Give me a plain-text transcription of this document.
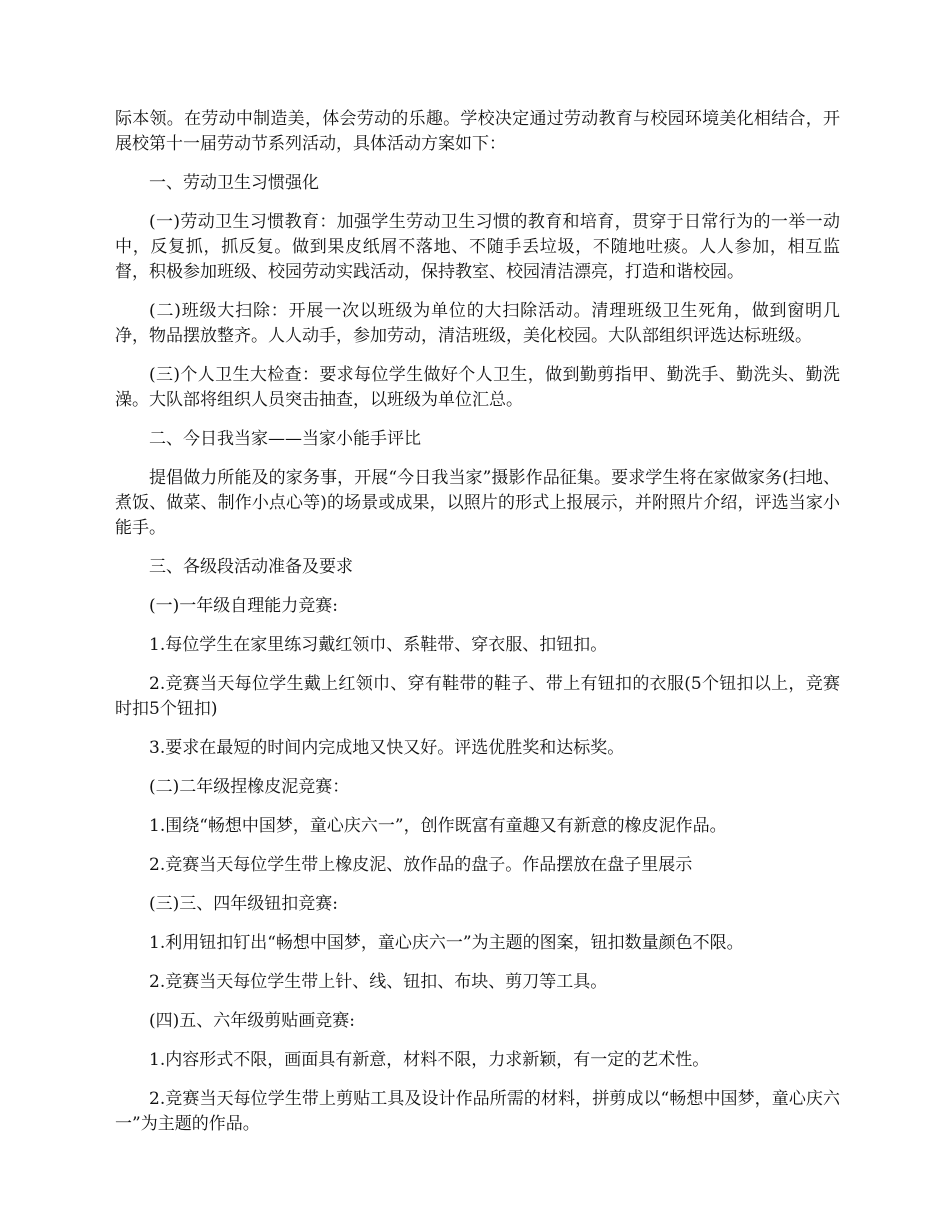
际本领。在劳动中制造美，体会劳动的乐趣。学校决定通过劳动教育与校园环境美化相结合，开展校第十一届劳动节系列活动，具体活动方案如下：

一、劳动卫生习惯强化

(一)劳动卫生习惯教育：加强学生劳动卫生习惯的教育和培育，贯穿于日常行为的一举一动中，反复抓，抓反复。做到果皮纸屑不落地、不随手丢垃圾，不随地吐痰。人人参加，相互监督，积极参加班级、校园劳动实践活动，保持教室、校园清洁漂亮，打造和谐校园。

(二)班级大扫除：开展一次以班级为单位的大扫除活动。清理班级卫生死角，做到窗明几净，物品摆放整齐。人人动手，参加劳动，清洁班级，美化校园。大队部组织评选达标班级。

(三)个人卫生大检查：要求每位学生做好个人卫生，做到勤剪指甲、勤洗手、勤洗头、勤洗澡。大队部将组织人员突击抽查，以班级为单位汇总。

二、今日我当家——当家小能手评比

提倡做力所能及的家务事，开展“今日我当家”摄影作品征集。要求学生将在家做家务(扫地、煮饭、做菜、制作小点心等)的场景或成果，以照片的形式上报展示，并附照片介绍，评选当家小能手。

三、各级段活动准备及要求

(一)一年级自理能力竞赛:

1.每位学生在家里练习戴红领巾、系鞋带、穿衣服、扣钮扣。

2.竞赛当天每位学生戴上红领巾、穿有鞋带的鞋子、带上有钮扣的衣服(5个钮扣以上，竞赛时扣5个钮扣)

3.要求在最短的时间内完成地又快又好。评选优胜奖和达标奖。

(二)二年级捏橡皮泥竞赛：

1.围绕“畅想中国梦，童心庆六一”，创作既富有童趣又有新意的橡皮泥作品。

2.竞赛当天每位学生带上橡皮泥、放作品的盘子。作品摆放在盘子里展示

(三)三、四年级钮扣竞赛:

1.利用钮扣钉出“畅想中国梦，童心庆六一”为主题的图案，钮扣数量颜色不限。

2.竞赛当天每位学生带上针、线、钮扣、布块、剪刀等工具。

(四)五、六年级剪贴画竞赛:

1.内容形式不限，画面具有新意，材料不限，力求新颖，有一定的艺术性。

2.竞赛当天每位学生带上剪贴工具及设计作品所需的材料，拼剪成以“畅想中国梦，童心庆六一”为主题的作品。
